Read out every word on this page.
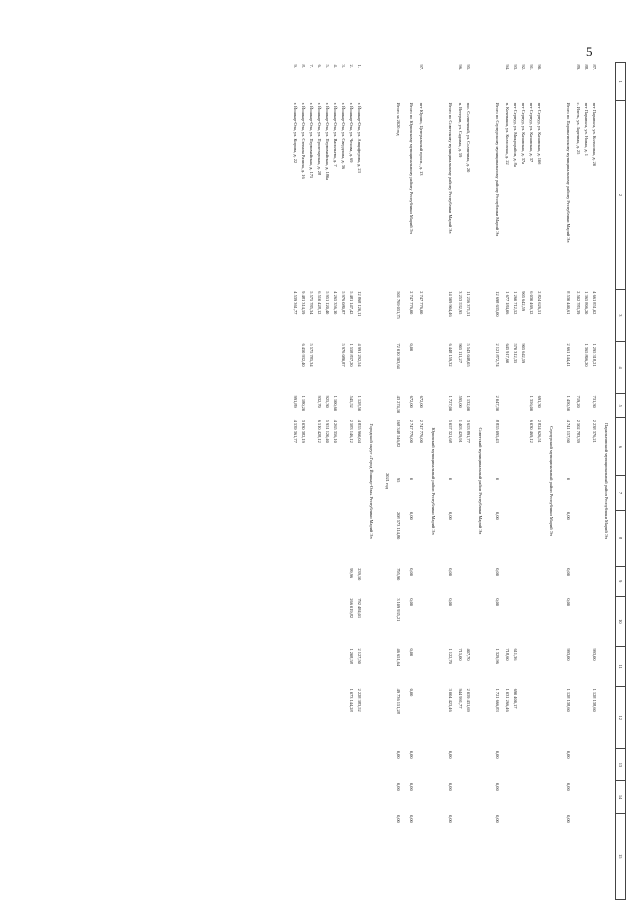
5
1	2	3	4	5	6	7	8	9	10	11	12	13	14	15
Параньгинский муниципальный район Республики Марий Эл														
87.	пгт Параньга, ул. Колхозная, д. 20	4 661 851,02	1 295 318,21	731,30	2 238 376,21					993,00	1 128 138,60			
88.	пгт Параньга, ул. Новая, д. 1	1 365 806,20	1 365 806,20											
89.	с. Илеть, ул. Заречная, д. 25	2 502 783,39		719,20	2 502 783,39									
	Итого по Параньгинскому муниципальному району Республики Марий Эл	8 530 440,61	2 661 144,41	1 450,50	4 741 157,60	0	0,00	0,00	0,00	993,00	1 128 138,60	0,00	0,00	0,00
Сернурский муниципальный район Республики Марий Эл														
90.	пгт Сернур, ул. Казанская, д. 10б	2 824 626,51		691,30	2 824 626,51									
91.	пгт Сернур, ул. Казанская, д. 37	6 030 469,12		1 356,00	6 030 469,12									
92.	пгт Сернур, ул. Казанская, д. 37а	905 642,59	905 642,59											
93.	пгт Сернур, ул. Микрорайон, д. 8а	1 260 712,52	570 312,35							611,36	690 400,17			
94.	п. Кочеваши, ул. Колхозная, д. 22	1 677 184,06	645 917,60							718,60	1 031 266,46			
	Итого по Сернурскому муниципальному району Республики Марий Эл	12 698 635,00	2 121 872,74	2 047,30	8 855 095,43	0	0,00	0,00	0,00	1 329,96	1 721 666,83	0,00	0,00	0,00
Советский муниципальный район Республики Марий Эл														
95.	пос. Солнечный, ул. Солнечная, д. 20	11 256 371,51	5 543 048,05	1 132,00	3 653 891,77					407,70	2 059 431,69			
96.	п. Ветеран, ул. Садовая, д. 59	3 253 532,95	905 111,27	595,00	1 403 429,91					715,00	944 991,77			
	Итого по Советскому муниципальному району Республики Марий Эл	14 509 904,46	6 448 159,32	1 727,00	5 057 321,68	0	0,00	0,00	0,00	1 122,70	3 004 423,46	0,00	0,00	0,00
Юринский муниципальный район Республики Марий Эл														
97.	пгт Юрино, Центральный просп., д. 13	2 747 776,00		672,00	2 747 776,00									
	Итого по Юринскому муниципальному району Республики Марий Эл	2 747 776,00	0,00	672,00	2 747 776,00	0	0,00	0,00	0,00	0,00	0,00	0,00	0,00	0,00
	Итого за 2020 год	501 769 051,75	72 010 303,64	43 274,10	168 348 546,82	95	208 573 114,80	795,90	3 109 935,21	46 651,64	49 736 151,28	0,00	0,00	0,00
2021 год														
Городской округ «Город Йошкар-Ола» Республики Марий Эл														
1.	г. Йошкар-Ола, ул. Анциферова, д. 23	12 868 120,11	4 991 292,54	1 128,50	4 855 960,04			239,10	792 484,01	2 127,50	2 228 383,52			
2.	г. Йошкар-Ола, ул. Чехова, д. 69	5 481 147,42	1 558 837,20	545,52	2 583 146,12			99,96	266 019,82	1 208,58	1 073 144,28			
3.	г. Йошкар-Ола, ул. Свердлова, д. 36	5 976 080,87	5 976 080,87											
4.	г. Йошкар-Ола, ул. Васильева, д. 7	4 265 356,10		1 100,60	4 265 356,10									
5.	г. Йошкар-Ола, ул. Первомайская, д. 180а	5 951 120,40		925,30	5 951 120,40									
6.	г. Йошкар-Ола, ул. Пролетарская, д. 28	6 510 428,12		932,70	6 510 428,12									
7.	г. Йошкар-Ола, ул. Первомайская, д. 175	5 575 785,34	5 575 785,34											
8.	г. Йошкар-Ола, ул. Степана Разина, д. 16	9 481 314,59	6 450 932,40	1 180,20	3 030 382,19									
9.	г. Йошкар-Ола, ул. Кирова, д. 22	4 539 361,77		991,89	4 539 361,77									
